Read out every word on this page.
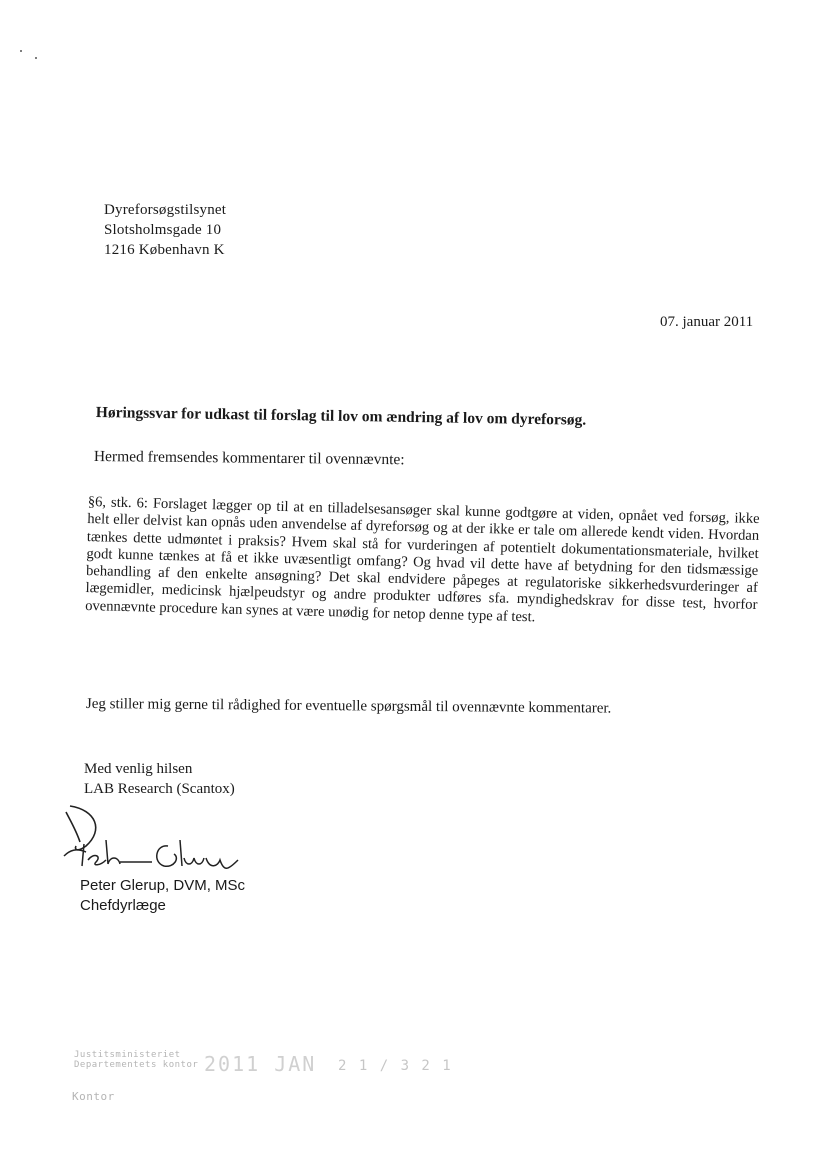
Dyreforsøgstilsynet
Slotsholmsgade 10
1216 København K
07. januar 2011
Høringssvar for udkast til forslag til lov om ændring af lov om dyreforsøg.
Hermed fremsendes kommentarer til ovennævnte:
§6, stk. 6: Forslaget lægger op til at en tilladelsesansøger skal kunne godtgøre at viden, opnået ved forsøg, ikke helt eller delvist kan opnås uden anvendelse af dyreforsøg og at der ikke er tale om allerede kendt viden. Hvordan tænkes dette udmøntet i praksis? Hvem skal stå for vurderingen af potentielt dokumentationsmateriale, hvilket godt kunne tænkes at få et ikke uvæsentligt omfang? Og hvad vil dette have af betydning for den tidsmæssige behandling af den enkelte ansøgning? Det skal endvidere påpeges at regulatoriske sikkerhedsvurderinger af lægemidler, medicinsk hjælpeudstyr og andre produkter udføres sfa. myndighedskrav for disse test, hvorfor ovennævnte procedure kan synes at være unødig for netop denne type af test.
Jeg stiller mig gerne til rådighed for eventuelle spørgsmål til ovennævnte kommentarer.
Med venlig hilsen
LAB Research (Scantox)
Peter Glerup, DVM, MSc
Chefdyrlæge
Justitsministeriet
Departementets kontor 2011 JAN 2 1 / 3 2 1
Kontor
